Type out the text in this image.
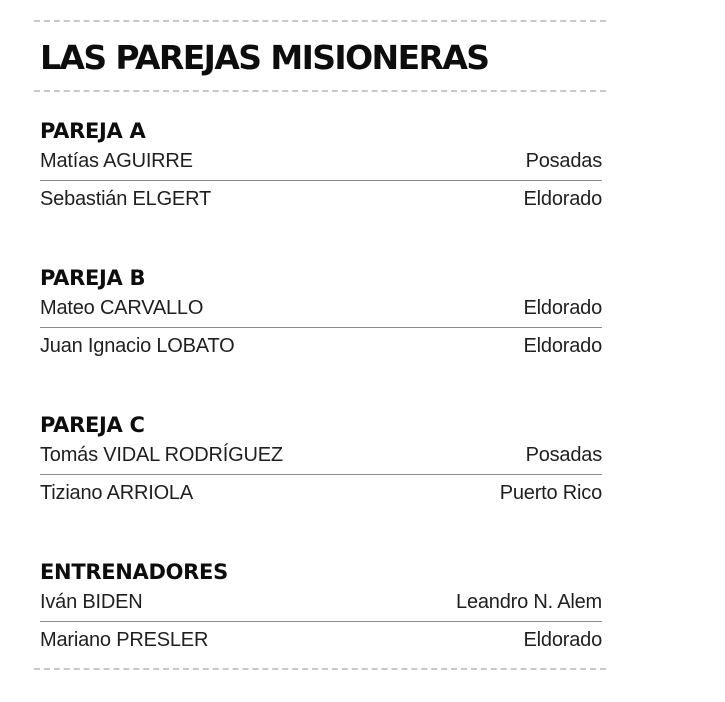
LAS PAREJAS MISIONERAS
PAREJA A
Matías AGUIRRE	Posadas
Sebastián ELGERT	Eldorado
PAREJA B
Mateo CARVALLO	Eldorado
Juan Ignacio LOBATO	Eldorado
PAREJA C
Tomás VIDAL RODRÍGUEZ	Posadas
Tiziano ARRIOLA	Puerto Rico
ENTRENADORES
Iván BIDEN	Leandro N. Alem
Mariano PRESLER	Eldorado
